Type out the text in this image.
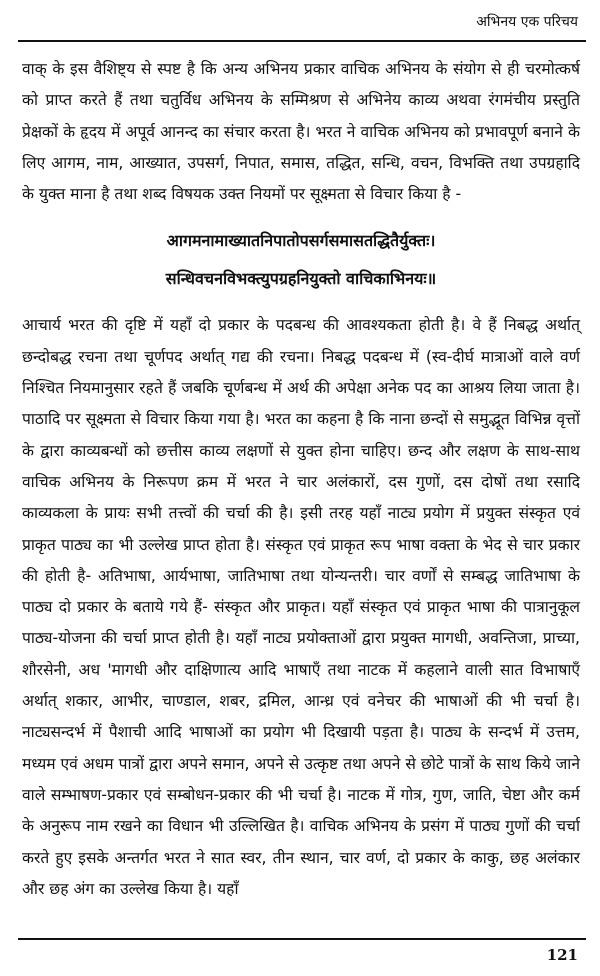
अभिनय एक परिचय

वाक् के इस वैशिष्ट्य से स्पष्ट है कि अन्य अभिनय प्रकार वाचिक अभिनय के संयोग से ही चरमोत्कर्ष को प्राप्त करते हैं तथा चतुर्विध अभिनय के सम्मिश्रण से अभिनेय काव्य अथवा रंगमंचीय प्रस्तुति प्रेक्षकों के हृदय में अपूर्व आनन्द का संचार करता है। भरत ने वाचिक अभिनय को प्रभावपूर्ण बनाने के लिए आगम, नाम, आख्यात, उपसर्ग, निपात, समास, तद्धित, सन्धि, वचन, विभक्ति तथा उपग्रहादि के युक्त माना है तथा शब्द विषयक उक्त नियमों पर सूक्ष्मता से विचार किया है -

आगमनामाख्यातनिपातोपसर्गसमासतद्धितैर्युक्तः।

सन्धिवचनविभक्त्युपग्रहनियुक्तो वाचिकाभिनयः॥

आचार्य भरत की दृष्टि में यहाँ दो प्रकार के पदबन्ध की आवश्यकता होती है। वे हैं निबद्ध अर्थात् छन्दोबद्ध रचना तथा चूर्णपद अर्थात् गद्य की रचना। निबद्ध पदबन्ध में (स्व-दीर्घ मात्राओं वाले वर्ण निश्चित नियमानुसार रहते हैं जबकि चूर्णबन्ध में अर्थ की अपेक्षा अनेक पद का आश्रय लिया जाता है। पाठादि पर सूक्ष्मता से विचार किया गया है। भरत का कहना है कि नाना छन्दों से समुद्भूत विभिन्न वृत्तों के द्वारा काव्यबन्धों को छत्तीस काव्य लक्षणों से युक्त होना चाहिए। छन्द और लक्षण के साथ-साथ वाचिक अभिनय के निरूपण क्रम में भरत ने चार अलंकारों, दस गुणों, दस दोषों तथा रसादि काव्यकला के प्रायः सभी तत्त्वों की चर्चा की है। इसी तरह यहाँ नाट्य प्रयोग में प्रयुक्त संस्कृत एवं प्राकृत पाठ्य का भी उल्लेख प्राप्त होता है। संस्कृत एवं प्राकृत रूप भाषा वक्ता के भेद से चार प्रकार की होती है- अतिभाषा, आर्यभाषा, जातिभाषा तथा योन्यन्तरी। चार वर्णों से सम्बद्ध जातिभाषा के पाठ्य दो प्रकार के बताये गये हैं- संस्कृत और प्राकृत। यहाँ संस्कृत एवं प्राकृत भाषा की पात्रानुकूल पाठ्य-योजना की चर्चा प्राप्त होती है। यहाँ नाट्य प्रयोक्ताओं द्वारा प्रयुक्त मागधी, अवन्तिजा, प्राच्या, शौरसेनी, अध 'मागधी और दाक्षिणात्य आदि भाषाएँ तथा नाटक में कहलाने वाली सात विभाषाएँ अर्थात् शकार, आभीर, चाण्डाल, शबर, द्रमिल, आन्ध्र एवं वनेचर की भाषाओं की भी चर्चा है। नाट्यसन्दर्भ में पैशाची आदि भाषाओं का प्रयोग भी दिखायी पड़ता है। पाठ्य के सन्दर्भ में उत्तम, मध्यम एवं अधम पात्रों द्वारा अपने समान, अपने से उत्कृष्ट तथा अपने से छोटे पात्रों के साथ किये जाने वाले सम्भाषण-प्रकार एवं सम्बोधन-प्रकार की भी चर्चा है। नाटक में गोत्र, गुण, जाति, चेष्टा और कर्म के अनुरूप नाम रखने का विधान भी उल्लिखित है। वाचिक अभिनय के प्रसंग में पाठ्य गुणों की चर्चा करते हुए इसके अन्तर्गत भरत ने सात स्वर, तीन स्थान, चार वर्ण, दो प्रकार के काकु, छह अलंकार और छह अंग का उल्लेख किया है। यहाँ

121
